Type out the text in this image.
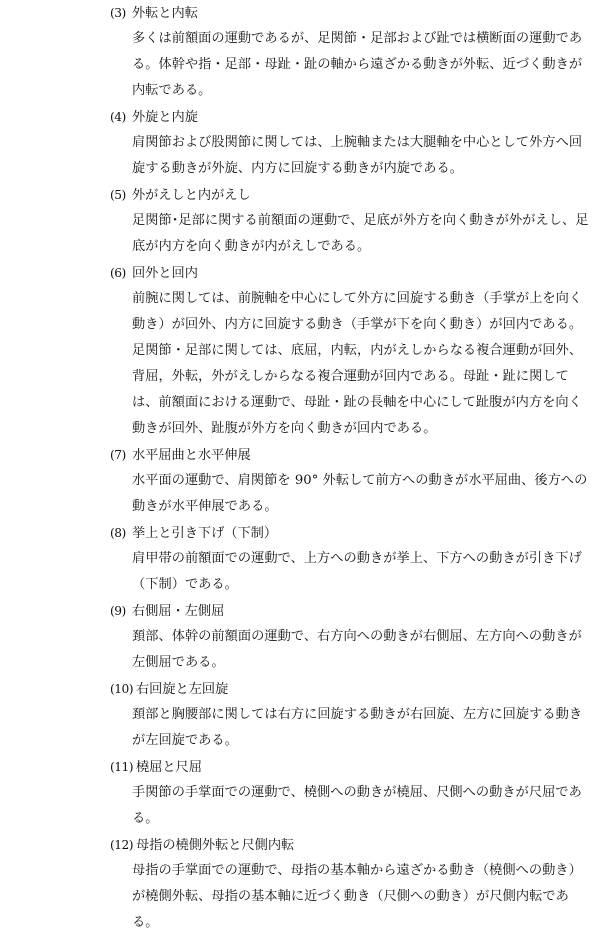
(3) 外転と内転
多くは前額面の運動であるが、足関節・足部および趾では横断面の運動である。体幹や指・足部・母趾・趾の軸から遠ざかる動きが外転、近づく動きが内転である。
(4) 外旋と内旋
肩関節および股関節に関しては、上腕軸または大腿軸を中心として外方へ回旋する動きが外旋、内方に回旋する動きが内旋である。
(5) 外がえしと内がえし
足関節･足部に関する前額面の運動で、足底が外方を向く動きが外がえし、足底が内方を向く動きが内がえしである。
(6) 回外と回内
前腕に関しては、前腕軸を中心にして外方に回旋する動き（手掌が上を向く動き）が回外、内方に回旋する動き（手掌が下を向く動き）が回内である。足関節・足部に関しては、底屈，内転，内がえしからなる複合運動が回外、背屈，外転，外がえしからなる複合運動が回内である。母趾・趾に関しては、前額面における運動で、母趾・趾の長軸を中心にして趾腹が内方を向く動きが回外、趾腹が外方を向く動きが回内である。
(7) 水平屈曲と水平伸展
水平面の運動で、肩関節を 90° 外転して前方への動きが水平屈曲、後方への動きが水平伸展である。
(8) 挙上と引き下げ（下制）
肩甲帯の前額面での運動で、上方への動きが挙上、下方への動きが引き下げ（下制）である。
(9) 右側屈・左側屈
頚部、体幹の前額面の運動で、右方向への動きが右側屈、左方向への動きが左側屈である。
(10) 右回旋と左回旋
頚部と胸腰部に関しては右方に回旋する動きが右回旋、左方に回旋する動きが左回旋である。
(11) 橈屈と尺屈
手関節の手掌面での運動で、橈側への動きが橈屈、尺側への動きが尺屈である。
(12) 母指の橈側外転と尺側内転
母指の手掌面での運動で、母指の基本軸から遠ざかる動き（橈側への動き）が橈側外転、母指の基本軸に近づく動き（尺側への動き）が尺側内転である。
